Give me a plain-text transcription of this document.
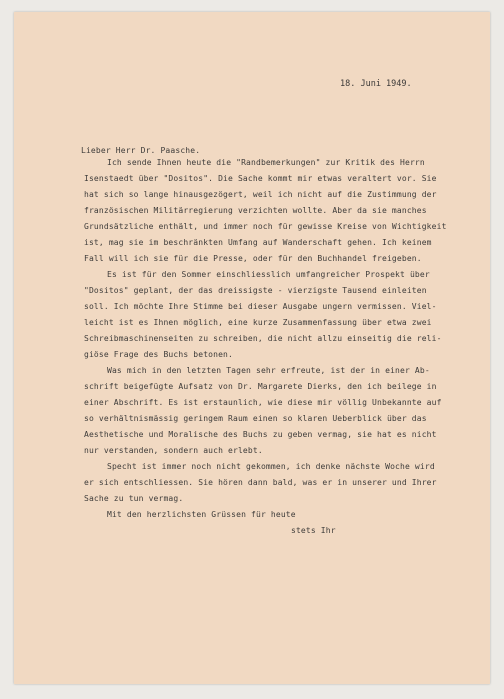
18. Juni 1949.
Lieber Herr Dr. Paasche.
Ich sende Ihnen heute die "Randbemerkungen" zur Kritik des Herrn
Isenstaedt über "Dositos". Die Sache kommt mir etwas veraltert vor. Sie
hat sich so lange hinausgezögert, weil ich nicht auf die Zustimmung der
französischen Militärregierung verzichten wollte. Aber da sie manches
Grundsätzliche enthält, und immer noch für gewisse Kreise von Wichtigkeit
ist, mag sie im beschränkten Umfang auf Wanderschaft gehen. Ich keinem
Fall will ich sie für die Presse, oder für den Buchhandel freigeben.
Es ist für den Sommer einschliesslich umfangreicher Prospekt über
"Dositos" geplant, der das dreissigste - vierzigste Tausend einleiten
soll. Ich möchte Ihre Stimme bei dieser Ausgabe ungern vermissen. Viel-
leicht ist es Ihnen möglich, eine kurze Zusammenfassung über etwa zwei
Schreibmaschinenseiten zu schreiben, die nicht allzu einseitig die reli-
giöse Frage des Buchs betonen.
Was mich in den letzten Tagen sehr erfreute, ist der in einer Ab-
schrift beigefügte Aufsatz von Dr. Margarete Dierks, den ich beilege in
einer Abschrift. Es ist erstaunlich, wie diese mir völlig Unbekannte auf
so verhältnismässig geringem Raum einen so klaren Ueberblick über das
Aesthetische und Moralische des Buchs zu geben vermag, sie hat es nicht
nur verstanden, sondern auch erlebt.
Specht ist immer noch nicht gekommen, ich denke nächste Woche wird
er sich entschliessen. Sie hören dann bald, was er in unserer und Ihrer
Sache zu tun vermag.
Mit den herzlichsten Grüssen für heute
stets Ihr
